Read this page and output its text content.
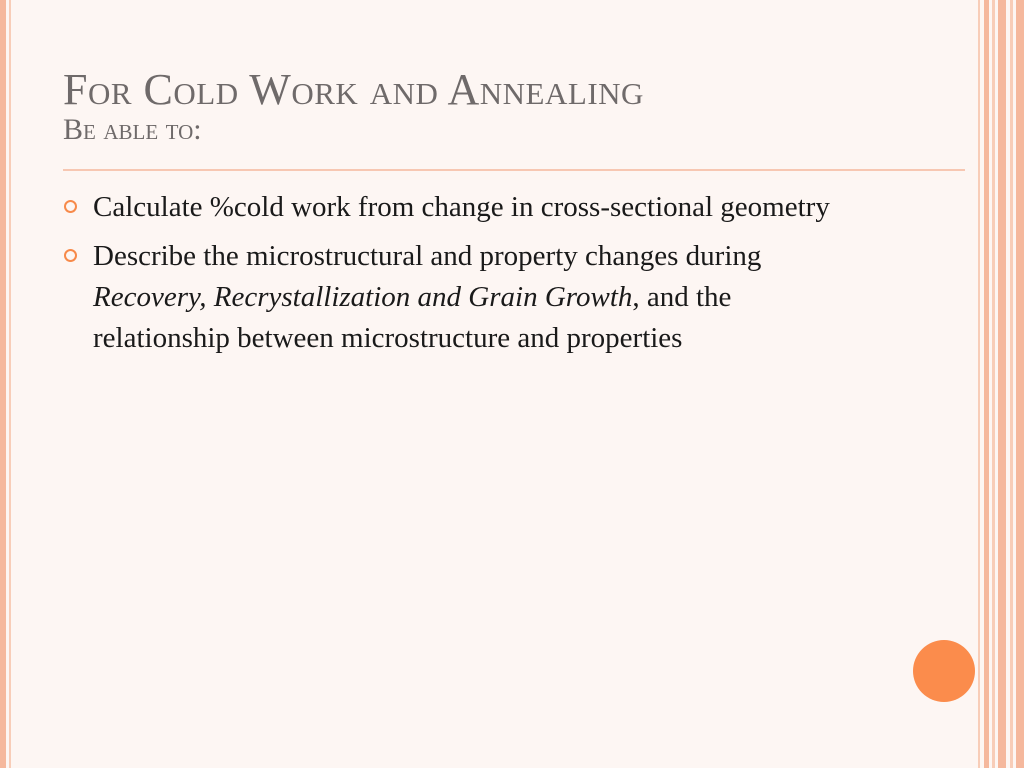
For Cold Work and Annealing
Be able to:
Calculate %cold work from change in cross-sectional geometry
Describe the microstructural and property changes during Recovery, Recrystallization and Grain Growth, and the relationship between microstructure and properties
